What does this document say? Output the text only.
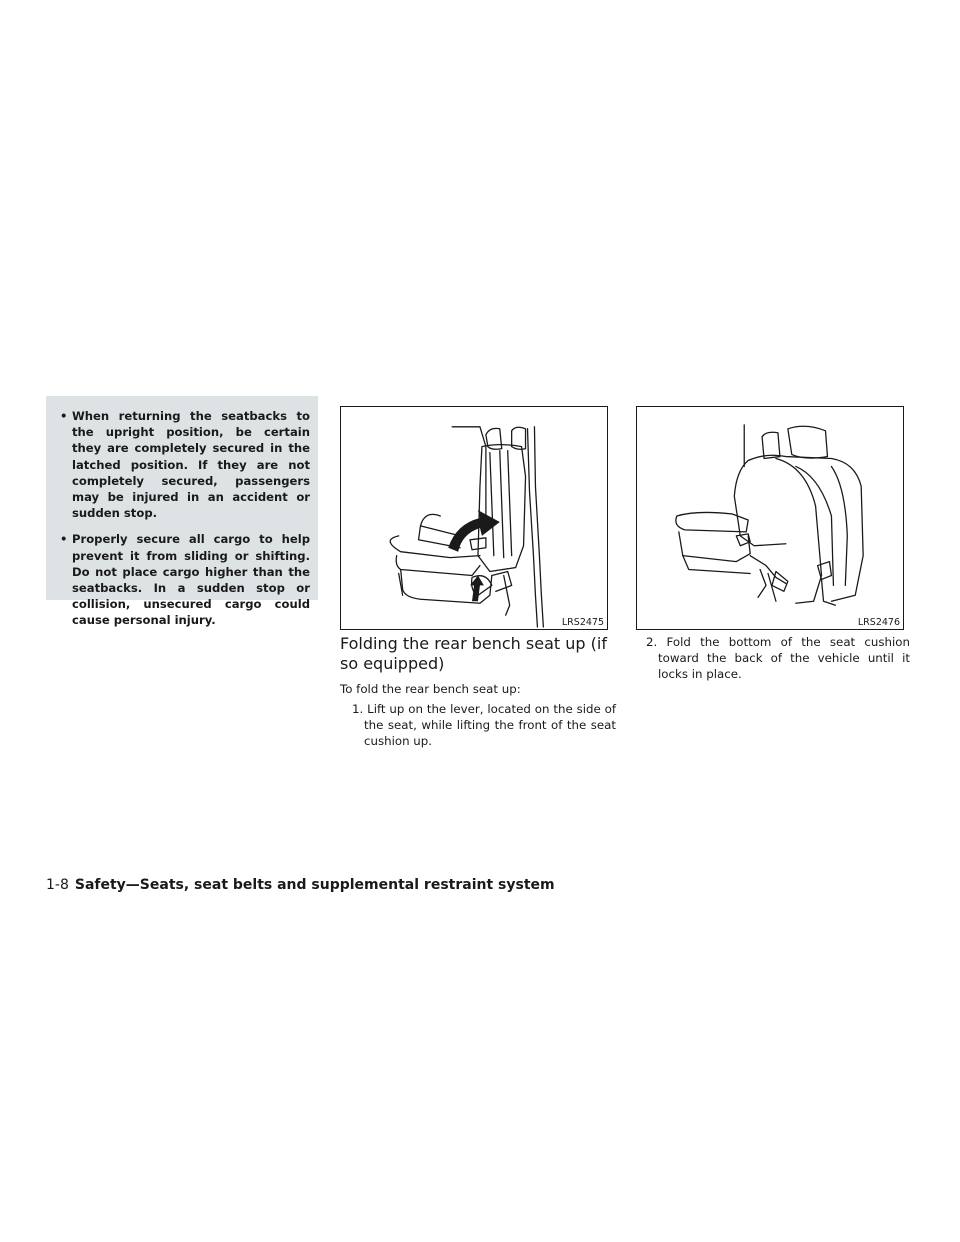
• When returning the seatbacks to the upright position, be certain they are completely secured in the latched position. If they are not completely secured, passengers may be injured in an accident or sudden stop.
• Properly secure all cargo to help prevent it from sliding or shifting. Do not place cargo higher than the seatbacks. In a sudden stop or collision, unsecured cargo could cause personal injury.	LRS2475	LRS2476
Folding the rear bench seat up (if so equipped)

To fold the rear bench seat up:

1. Lift up on the lever, located on the side of the seat, while lifting the front of the seat cushion up.

2. Fold the bottom of the seat cushion toward the back of the vehicle until it locks in place.

1-8 Safety—Seats, seat belts and supplemental restraint system
